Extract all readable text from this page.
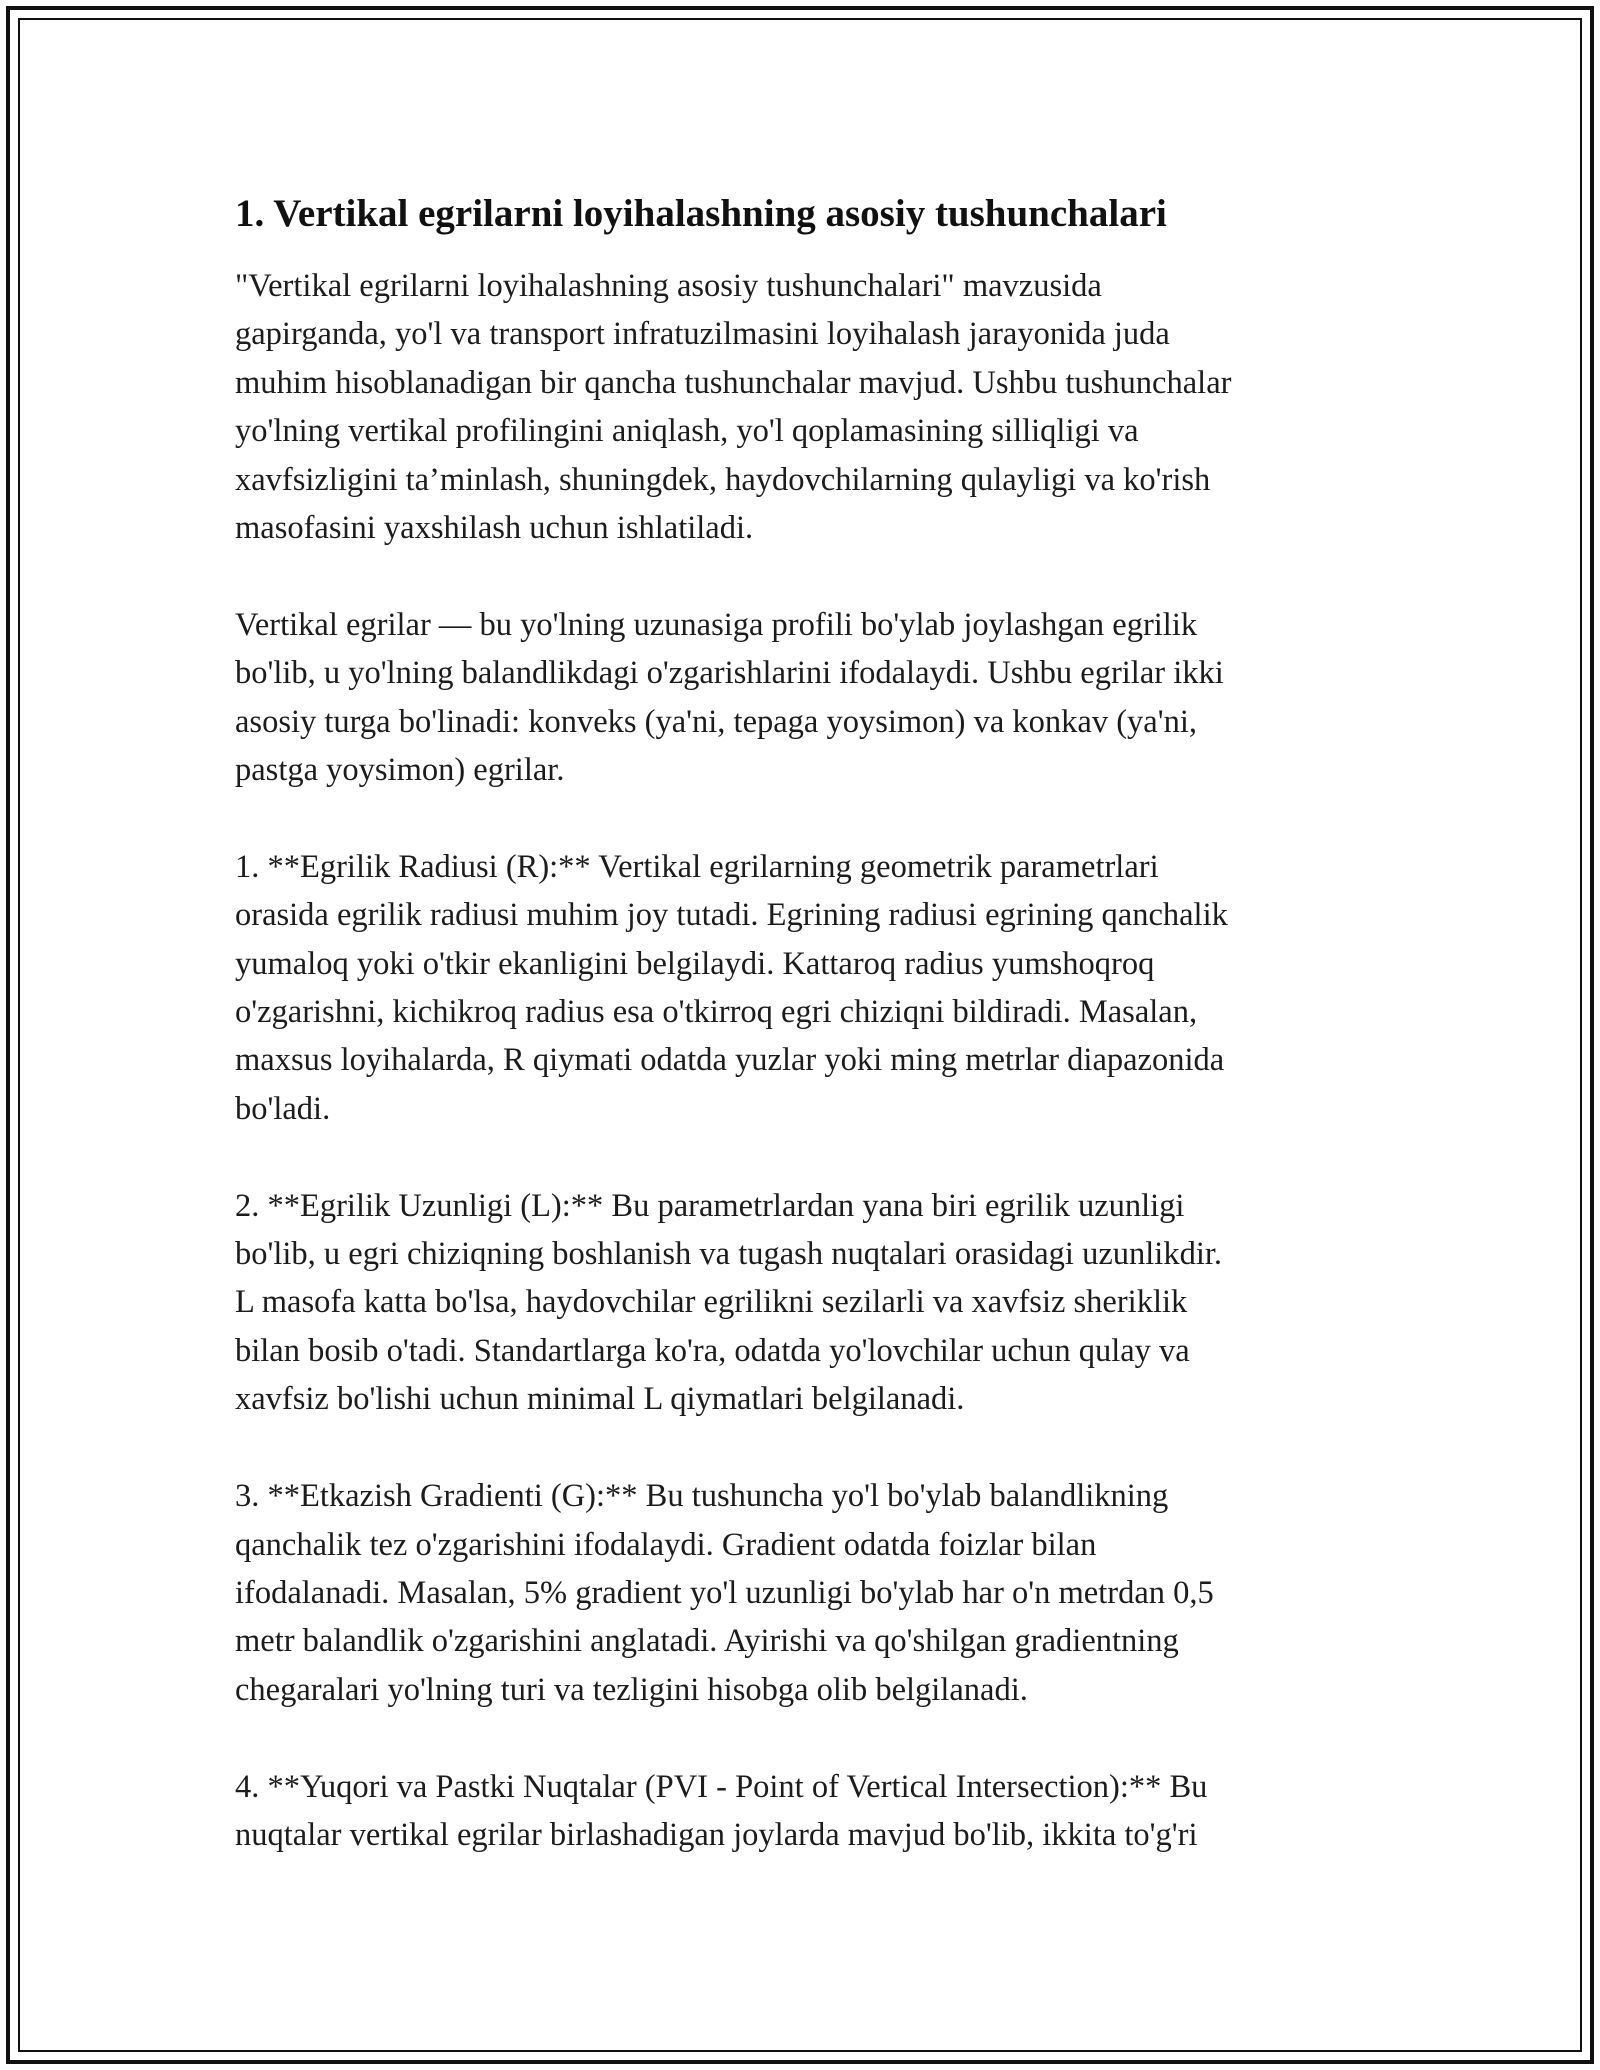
1. Vertikal egrilarni loyihalashning asosiy tushunchalari

"Vertikal egrilarni loyihalashning asosiy tushunchalari" mavzusida
gapirganda, yo'l va transport infratuzilmasini loyihalash jarayonida juda
muhim hisoblanadigan bir qancha tushunchalar mavjud. Ushbu tushunchalar
yo'lning vertikal profilingini aniqlash, yo'l qoplamasining silliqligi va
xavfsizligini ta’minlash, shuningdek, haydovchilarning qulayligi va ko'rish
masofasini yaxshilash uchun ishlatiladi.

Vertikal egrilar — bu yo'lning uzunasiga profili bo'ylab joylashgan egrilik
bo'lib, u yo'lning balandlikdagi o'zgarishlarini ifodalaydi. Ushbu egrilar ikki
asosiy turga bo'linadi: konveks (ya'ni, tepaga yoysimon) va konkav (ya'ni,
pastga yoysimon) egrilar.

1. **Egrilik Radiusi (R):** Vertikal egrilarning geometrik parametrlari
orasida egrilik radiusi muhim joy tutadi. Egrining radiusi egrining qanchalik
yumaloq yoki o'tkir ekanligini belgilaydi. Kattaroq radius yumshoqroq
o'zgarishni, kichikroq radius esa o'tkirroq egri chiziqni bildiradi. Masalan,
maxsus loyihalarda, R qiymati odatda yuzlar yoki ming metrlar diapazonida
bo'ladi.

2. **Egrilik Uzunligi (L):** Bu parametrlardan yana biri egrilik uzunligi
bo'lib, u egri chiziqning boshlanish va tugash nuqtalari orasidagi uzunlikdir.
L masofa katta bo'lsa, haydovchilar egrilikni sezilarli va xavfsiz sheriklik
bilan bosib o'tadi. Standartlarga ko'ra, odatda yo'lovchilar uchun qulay va
xavfsiz bo'lishi uchun minimal L qiymatlari belgilanadi.

3. **Etkazish Gradienti (G):** Bu tushuncha yo'l bo'ylab balandlikning
qanchalik tez o'zgarishini ifodalaydi. Gradient odatda foizlar bilan
ifodalanadi. Masalan, 5% gradient yo'l uzunligi bo'ylab har o'n metrdan 0,5
metr balandlik o'zgarishini anglatadi. Ayirishi va qo'shilgan gradientning
chegaralari yo'lning turi va tezligini hisobga olib belgilanadi.

4. **Yuqori va Pastki Nuqtalar (PVI - Point of Vertical Intersection):** Bu
nuqtalar vertikal egrilar birlashadigan joylarda mavjud bo'lib, ikkita to'g'ri
